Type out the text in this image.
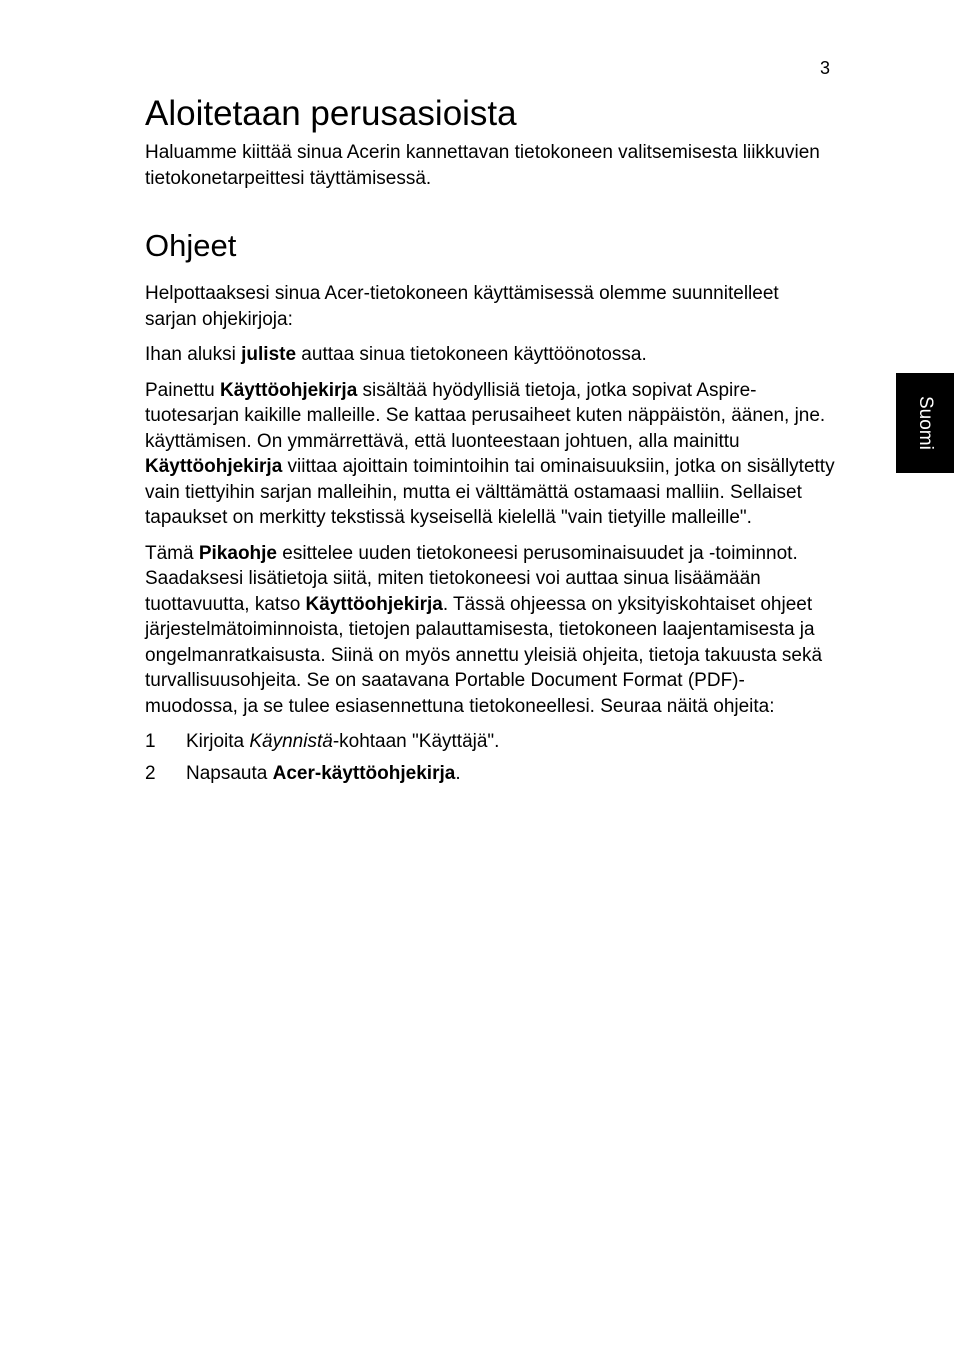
3
Suomi
Aloitetaan perusasioista

Haluamme kiittää sinua Acerin kannettavan tietokoneen valitsemisesta liikkuvien tietokonetarpeittesi täyttämisessä.

Ohjeet

Helpottaaksesi sinua Acer-tietokoneen käyttämisessä olemme suunnitelleet sarjan ohjekirjoja:

Ihan aluksi juliste auttaa sinua tietokoneen käyttöönotossa.

Painettu Käyttöohjekirja sisältää hyödyllisiä tietoja, jotka sopivat Aspire-tuotesarjan kaikille malleille. Se kattaa perusaiheet kuten näppäistön, äänen, jne. käyttämisen. On ymmärrettävä, että luonteestaan johtuen, alla mainittu Käyttöohjekirja viittaa ajoittain toimintoihin tai ominaisuuksiin, jotka on sisällytetty vain tiettyihin sarjan malleihin, mutta ei välttämättä ostamaasi malliin. Sellaiset tapaukset on merkitty tekstissä kyseisellä kielellä "vain tietyille malleille".

Tämä Pikaohje esittelee uuden tietokoneesi perusominaisuudet ja -toiminnot. Saadaksesi lisätietoja siitä, miten tietokoneesi voi auttaa sinua lisäämään tuottavuutta, katso Käyttöohjekirja. Tässä ohjeessa on yksityiskohtaiset ohjeet järjestelmätoiminnoista, tietojen palauttamisesta, tietokoneen laajentamisesta ja ongelmanratkaisusta. Siinä on myös annettu yleisiä ohjeita, tietoja takuusta sekä turvallisuusohjeita. Se on saatavana Portable Document Format (PDF)-muodossa, ja se tulee esiasennettuna tietokoneellesi. Seuraa näitä ohjeita:

1	Kirjoita Käynnistä-kohtaan "Käyttäjä".
2	Napsauta Acer-käyttöohjekirja.
